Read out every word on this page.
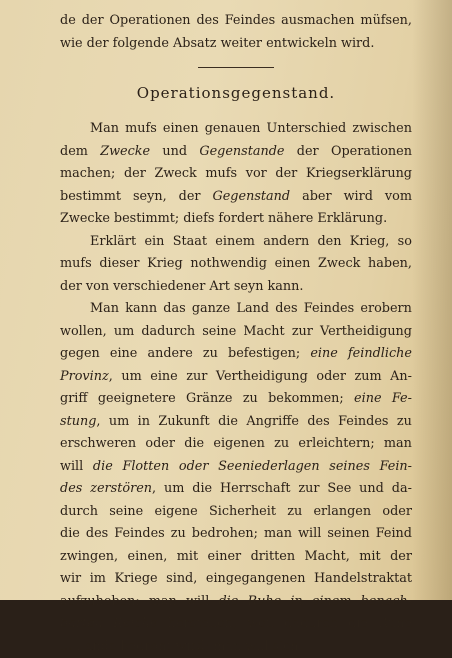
de der Operationen des Feindes ausmachen müfsen,
wie der folgende Absatz weiter entwickeln wird.
Operationsgegenstand.
Man mufs einen genauen Unterschied zwischen
dem Zwecke und Gegenstande der Operationen
machen; der Zweck mufs vor der Kriegserklärung
bestimmt seyn, der Gegenstand aber wird vom
Zwecke bestimmt; diefs fordert nähere Erklärung.
Erklärt ein Staat einem andern den Krieg, so
mufs dieser Krieg nothwendig einen Zweck haben,
der von verschiedener Art seyn kann.
Man kann das ganze Land des Feindes erobern
wollen, um dadurch seine Macht zur Vertheidigung
gegen eine andere zu befestigen; eine feindliche
Provinz, um eine zur Vertheidigung oder zum An-
griff geeignetere Gränze zu bekommen; eine Fe-
stung, um in Zukunft die Angriffe des Feindes zu
erschweren oder die eigenen zu erleichtern; man
will die Flotten oder Seeniederlagen seines Fein-
des zerstören, um die Herrschaft zur See und da-
durch seine eigene Sicherheit zu erlangen oder
die des Feindes zu bedrohen; man will seinen Feind
zwingen, einen, mit einer dritten Macht, mit der
wir im Kriege sind, eingegangenen Handelstraktat
aufzuheben; man will die Ruhe in einem benach-
barten Reiche herstellen, weil dadurch die Ruhe
... Lande bedroht wird; man will sich
